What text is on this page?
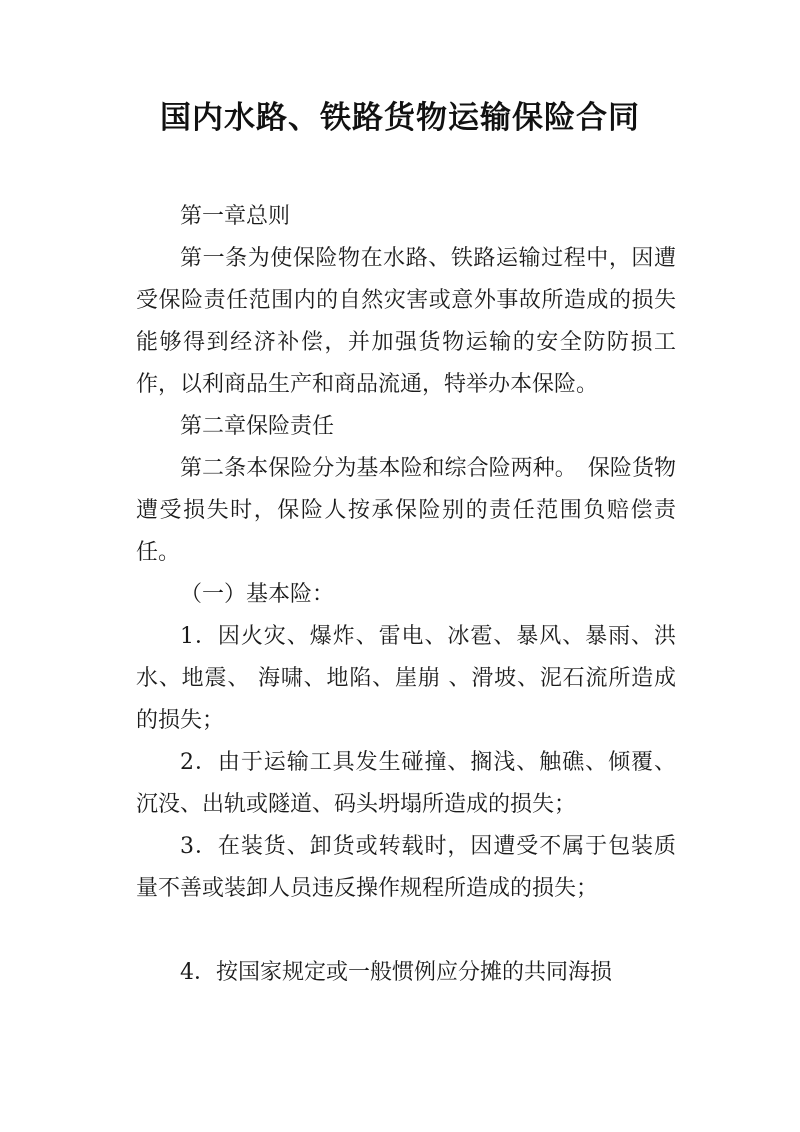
国内水路、铁路货物运输保险合同

第一章总则

第一条为使保险物在水路、铁路运输过程中，因遭受保险责任范围内的自然灾害或意外事故所造成的损失能够得到经济补偿，并加强货物运输的安全防防损工作，以利商品生产和商品流通，特举办本保险。

第二章保险责任

第二条本保险分为基本险和综合险两种。　保险货物遭受损失时，保险人按承保险别的责任范围负赔偿责任。

（一）基本险：

1．因火灾、爆炸、雷电、冰雹、暴风、暴雨、洪水、地震、 海啸、地陷、崖崩 、滑坡、泥石流所造成的损失；

2．由于运输工具发生碰撞、搁浅、触礁、倾覆、沉没、出轨或隧道、码头坍塌所造成的损失；

3．在装货、卸货或转载时，因遭受不属于包装质量不善或装卸人员违反操作规程所造成的损失；

4．按国家规定或一般惯例应分摊的共同海损
